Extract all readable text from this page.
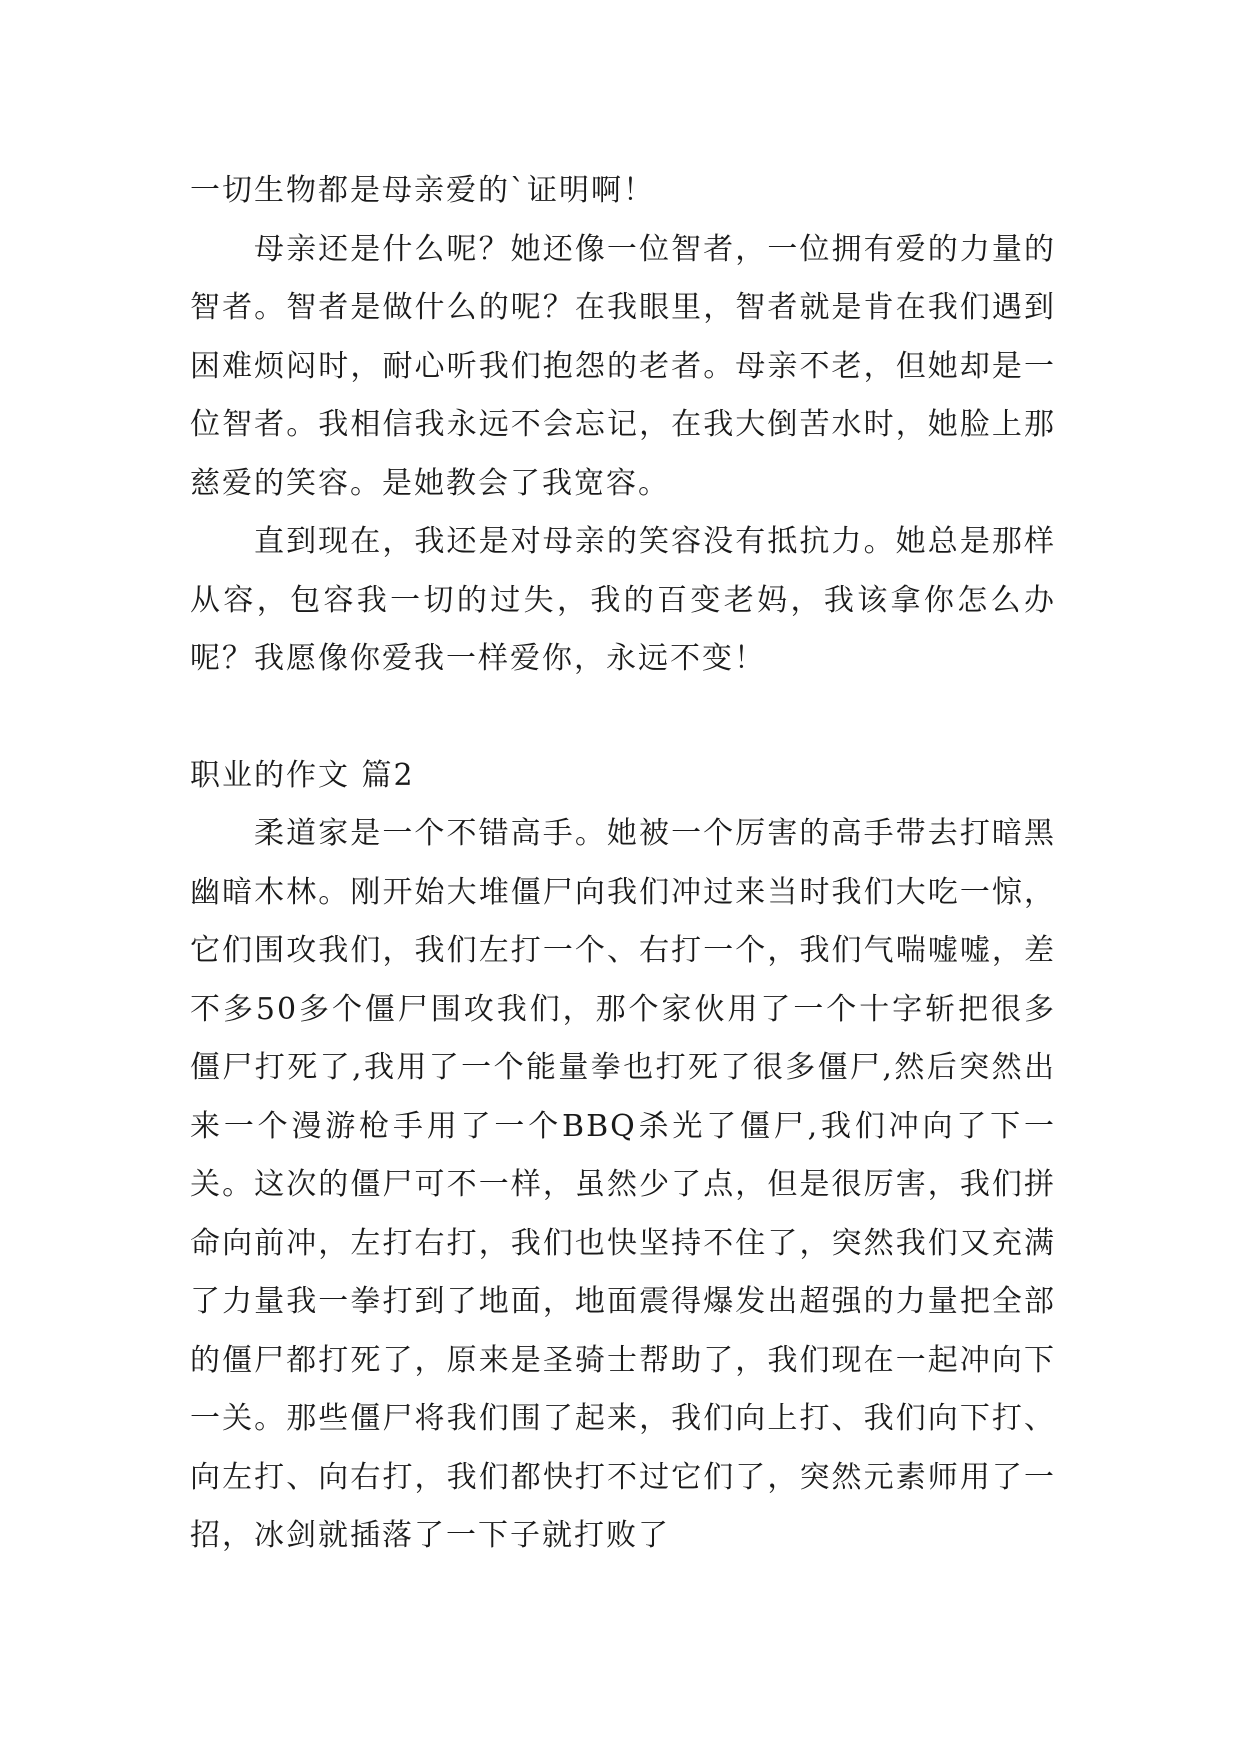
一切生物都是母亲爱的`证明啊！

母亲还是什么呢？她还像一位智者，一位拥有爱的力量的智者。智者是做什么的呢？在我眼里，智者就是肯在我们遇到困难烦闷时，耐心听我们抱怨的老者。母亲不老，但她却是一位智者。我相信我永远不会忘记，在我大倒苦水时，她脸上那慈爱的笑容。是她教会了我宽容。

直到现在，我还是对母亲的笑容没有抵抗力。她总是那样从容，包容我一切的过失，我的百变老妈，我该拿你怎么办呢？我愿像你爱我一样爱你，永远不变！

职业的作文 篇2

柔道家是一个不错高手。她被一个厉害的高手带去打暗黑幽暗木林。刚开始大堆僵尸向我们冲过来当时我们大吃一惊，它们围攻我们，我们左打一个、右打一个，我们气喘嘘嘘，差不多50多个僵尸围攻我们，那个家伙用了一个十字斩把很多僵尸打死了,我用了一个能量拳也打死了很多僵尸,然后突然出来一个漫游枪手用了一个BBQ杀光了僵尸,我们冲向了下一关。这次的僵尸可不一样，虽然少了点，但是很厉害，我们拼命向前冲，左打右打，我们也快坚持不住了，突然我们又充满了力量我一拳打到了地面，地面震得爆发出超强的力量把全部的僵尸都打死了，原来是圣骑士帮助了，我们现在一起冲向下一关。那些僵尸将我们围了起来，我们向上打、我们向下打、向左打、向右打，我们都快打不过它们了，突然元素师用了一招，冰剑就插落了一下子就打败了
